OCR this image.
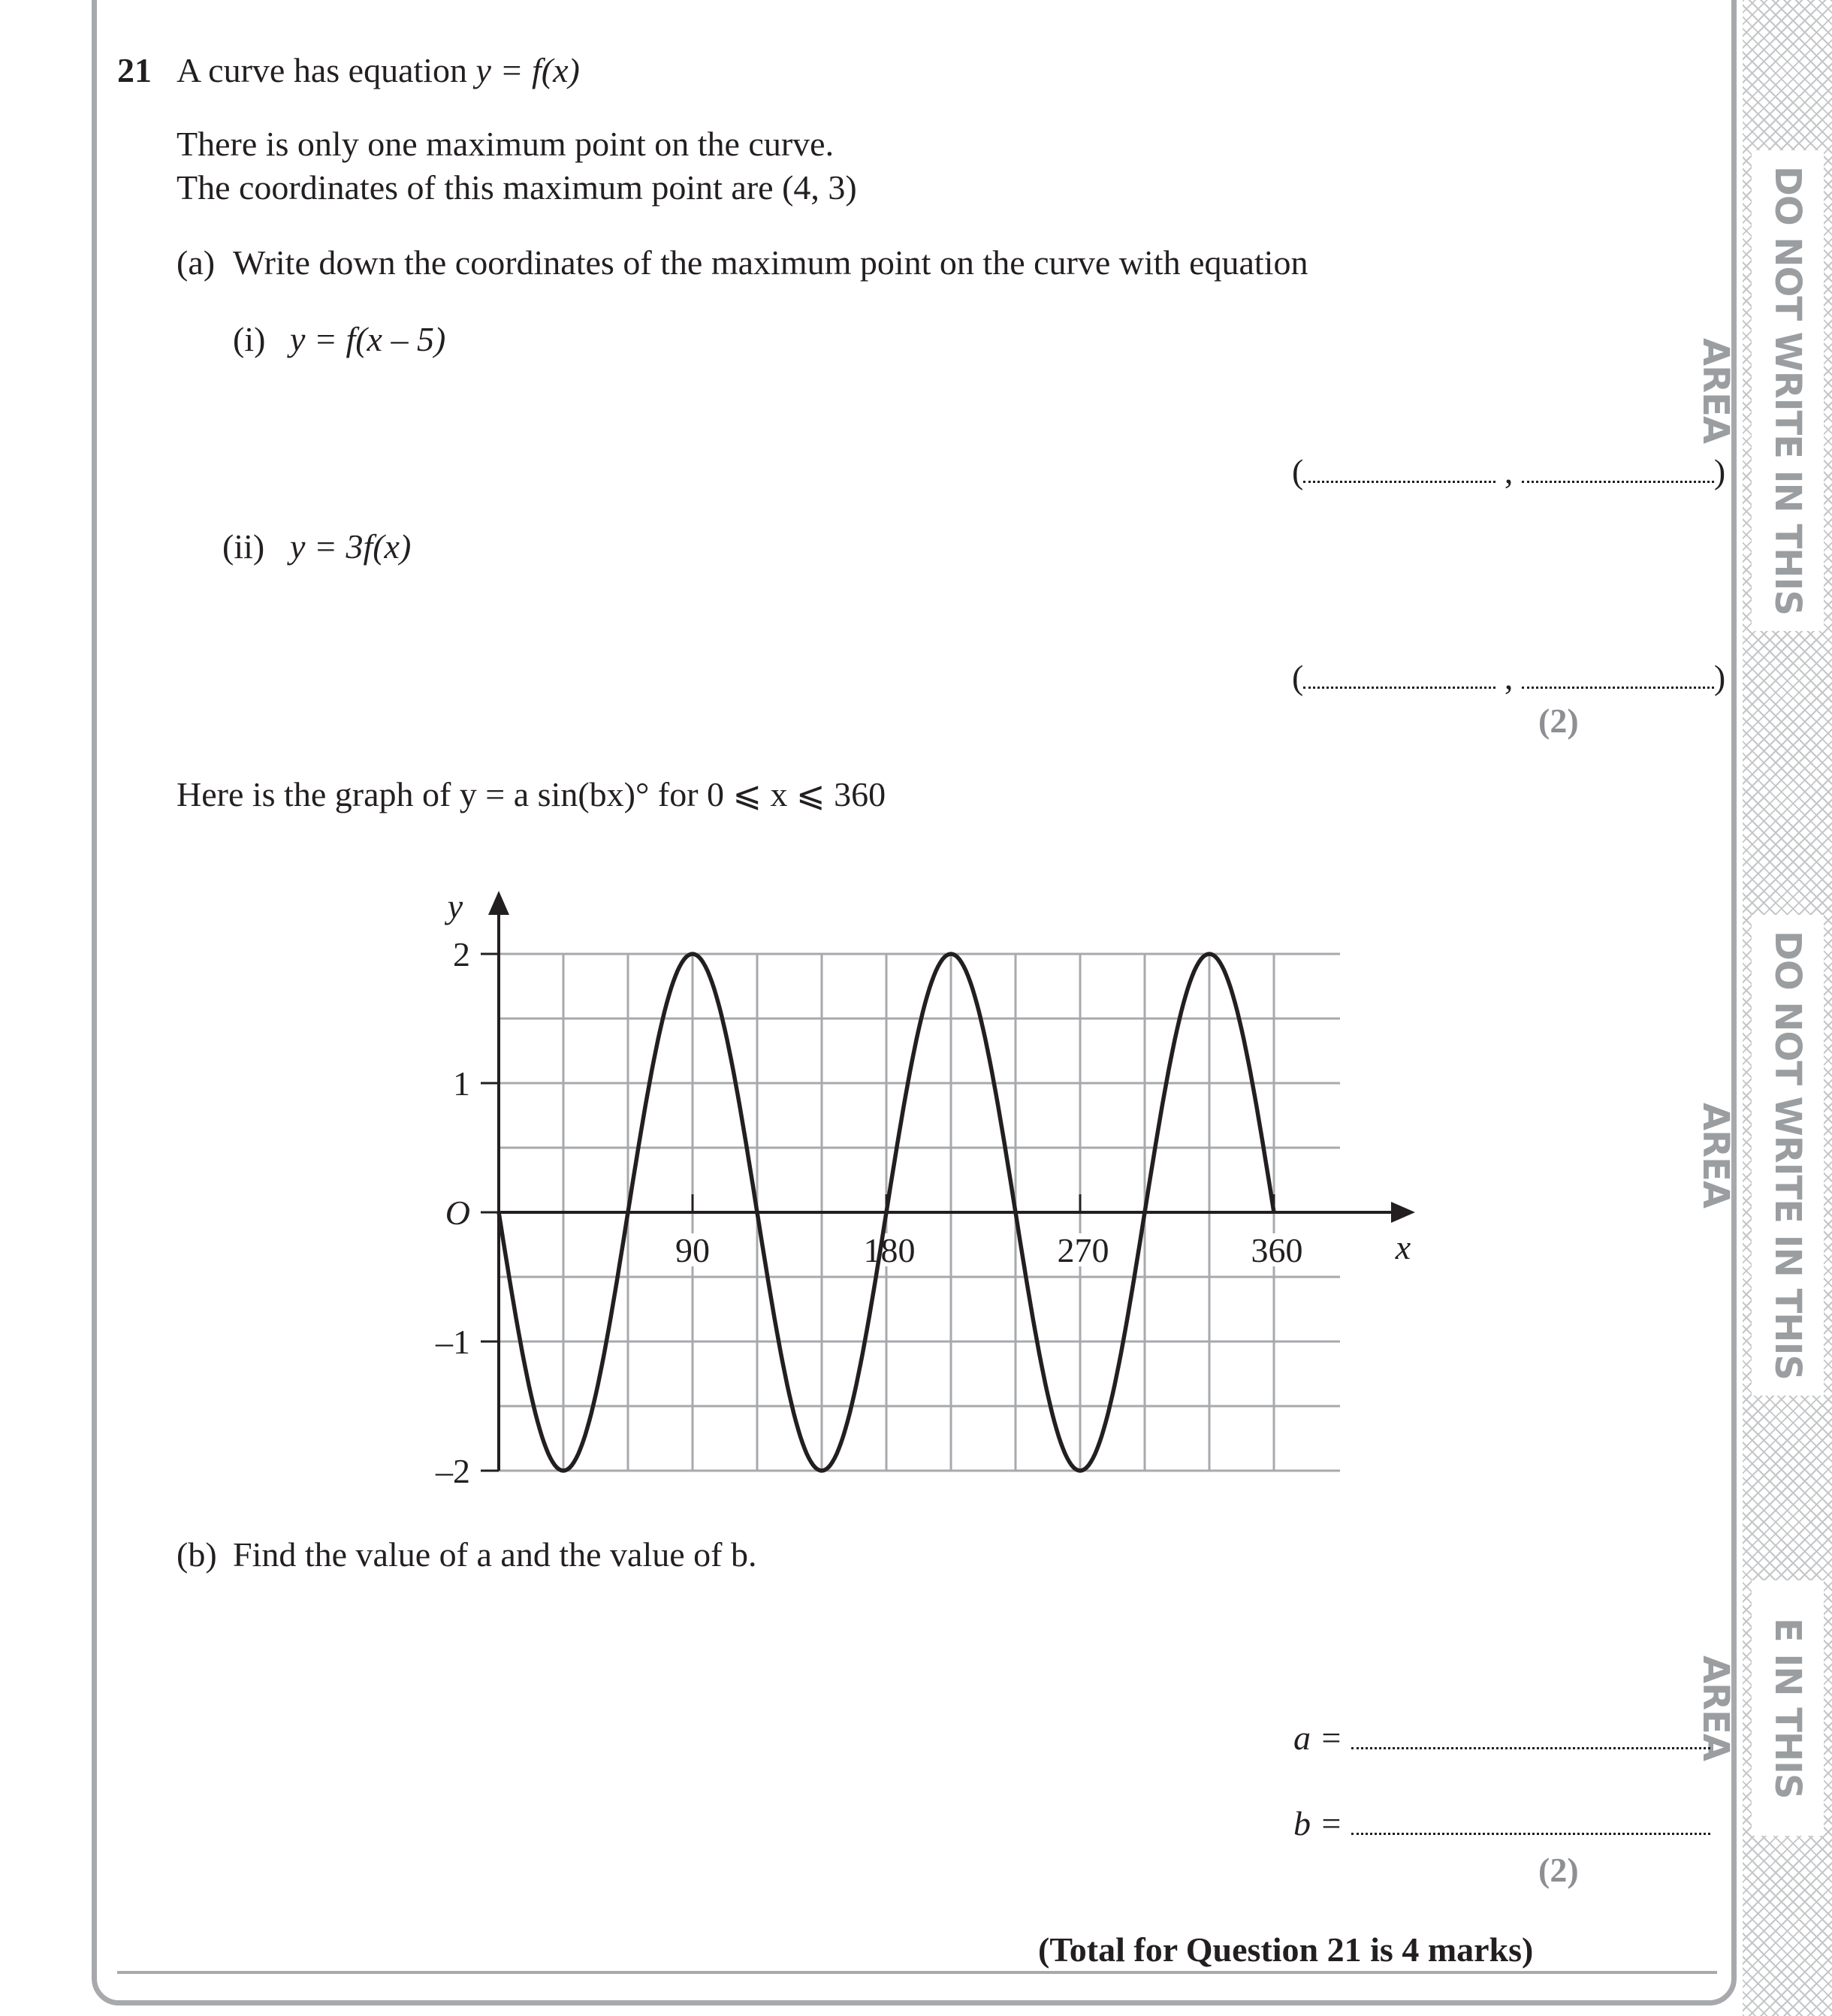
DO NOT WRITE IN THIS AREA
DO NOT WRITE IN THIS AREA
E IN THIS AREA
21 A curve has equation y = f(x)
There is only one maximum point on the curve.
The coordinates of this maximum point are (4, 3)
(a) Write down the coordinates of the maximum point on the curve with equation
(i) y = f(x – 5)
(	,	)
(ii) y = 3f(x)
(	,	)
(2)
Here is the graph of y = a sin(bx)° for 0 ⩽ x ⩽ 360
2
1
–1
–2
O
90	180	270	360
y
x
(b) Find the value of a and the value of b.
a =
b =
(2)
(Total for Question 21 is 4 marks)
